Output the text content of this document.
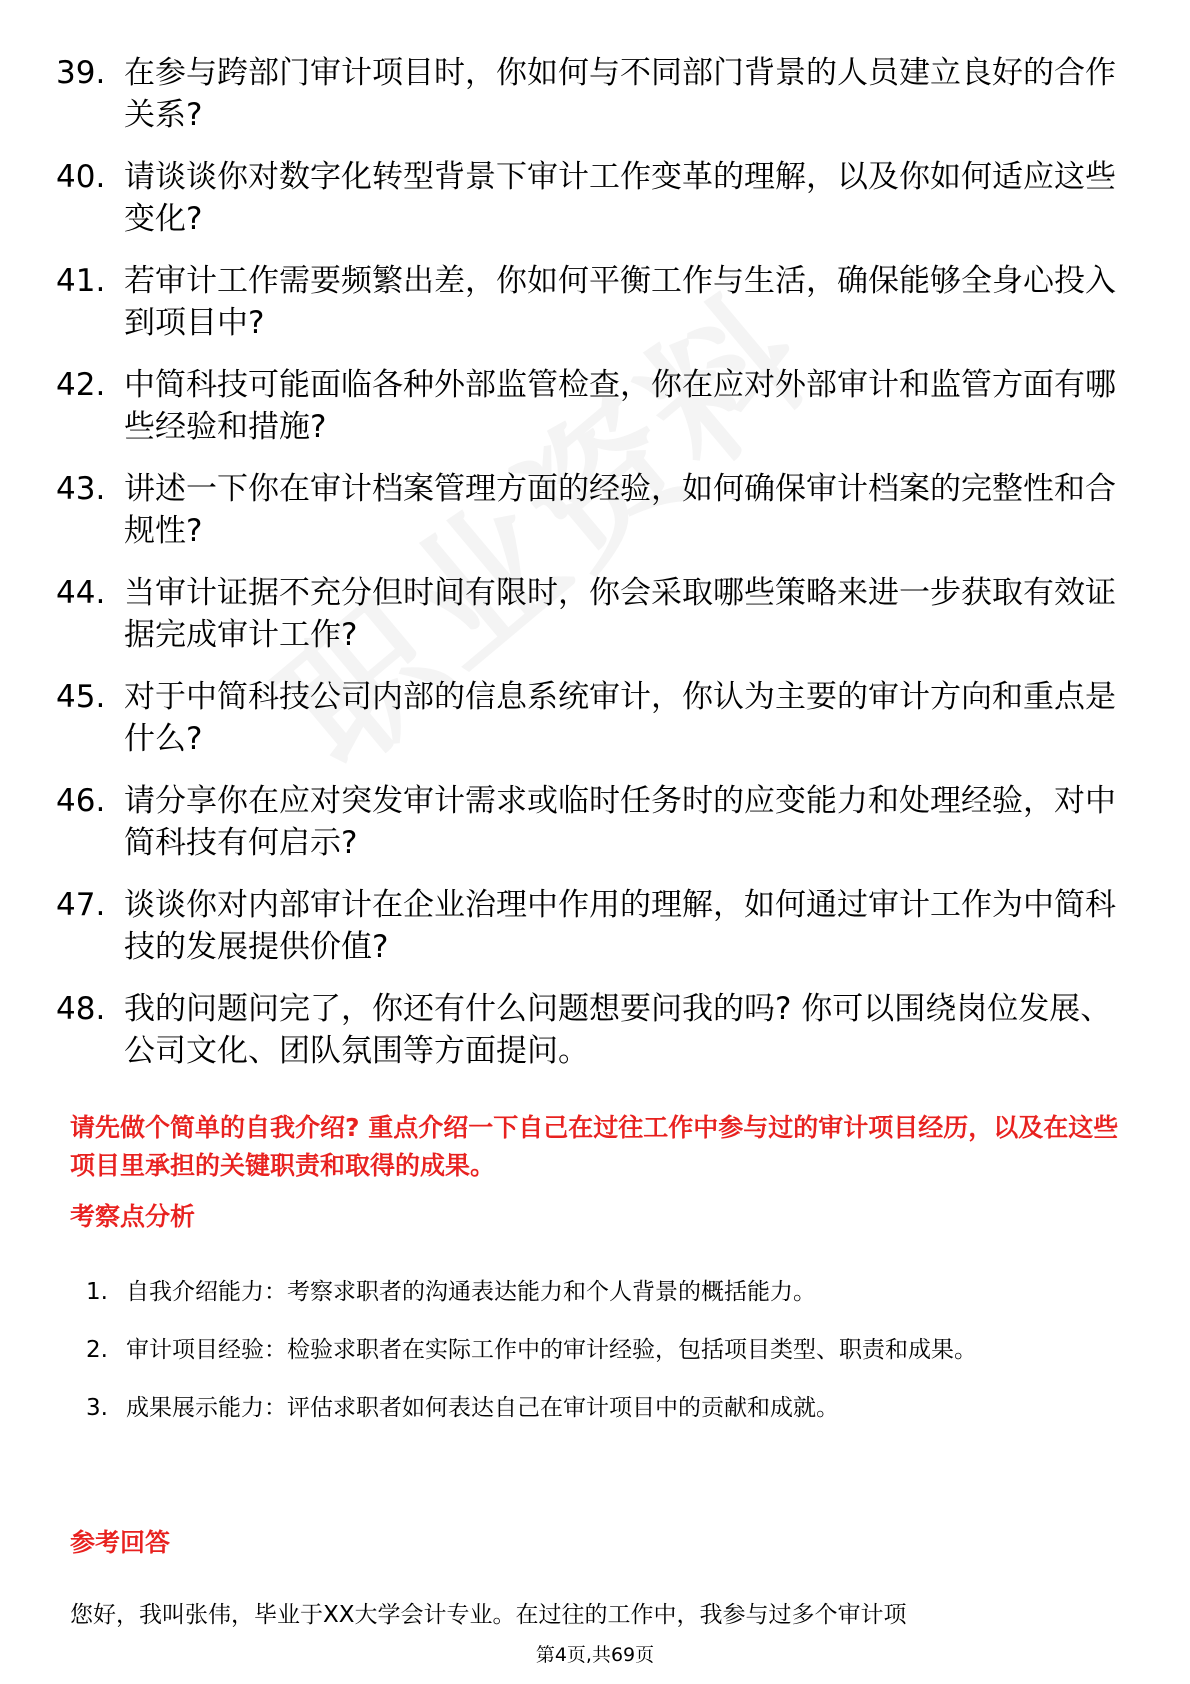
39. 在参与跨部门审计项目时，你如何与不同部门背景的人员建立良好的合作关系?
40. 请谈谈你对数字化转型背景下审计工作变革的理解，以及你如何适应这些变化?
41. 若审计工作需要频繁出差，你如何平衡工作与生活，确保能够全身心投入到项目中?
42. 中简科技可能面临各种外部监管检查，你在应对外部审计和监管方面有哪些经验和措施?
43. 讲述一下你在审计档案管理方面的经验，如何确保审计档案的完整性和合规性?
44. 当审计证据不充分但时间有限时，你会采取哪些策略来进一步获取有效证据完成审计工作?
45. 对于中简科技公司内部的信息系统审计，你认为主要的审计方向和重点是什么?
46. 请分享你在应对突发审计需求或临时任务时的应变能力和处理经验，对中简科技有何启示?
47. 谈谈你对内部审计在企业治理中作用的理解，如何通过审计工作为中简科技的发展提供价值?
48. 我的问题问完了，你还有什么问题想要问我的吗? 你可以围绕岗位发展、公司文化、团队氛围等方面提问。

请先做个简单的自我介绍? 重点介绍一下自己在过往工作中参与过的审计项目经历，以及在这些项目里承担的关键职责和取得的成果。

考察点分析
1. 自我介绍能力：考察求职者的沟通表达能力和个人背景的概括能力。
2. 审计项目经验：检验求职者在实际工作中的审计经验，包括项目类型、职责和成果。
3. 成果展示能力：评估求职者如何表达自己在审计项目中的贡献和成就。
参考回答

您好，我叫张伟，毕业于XX大学会计专业。在过往的工作中，我参与过多个审计项

第4页,共69页
